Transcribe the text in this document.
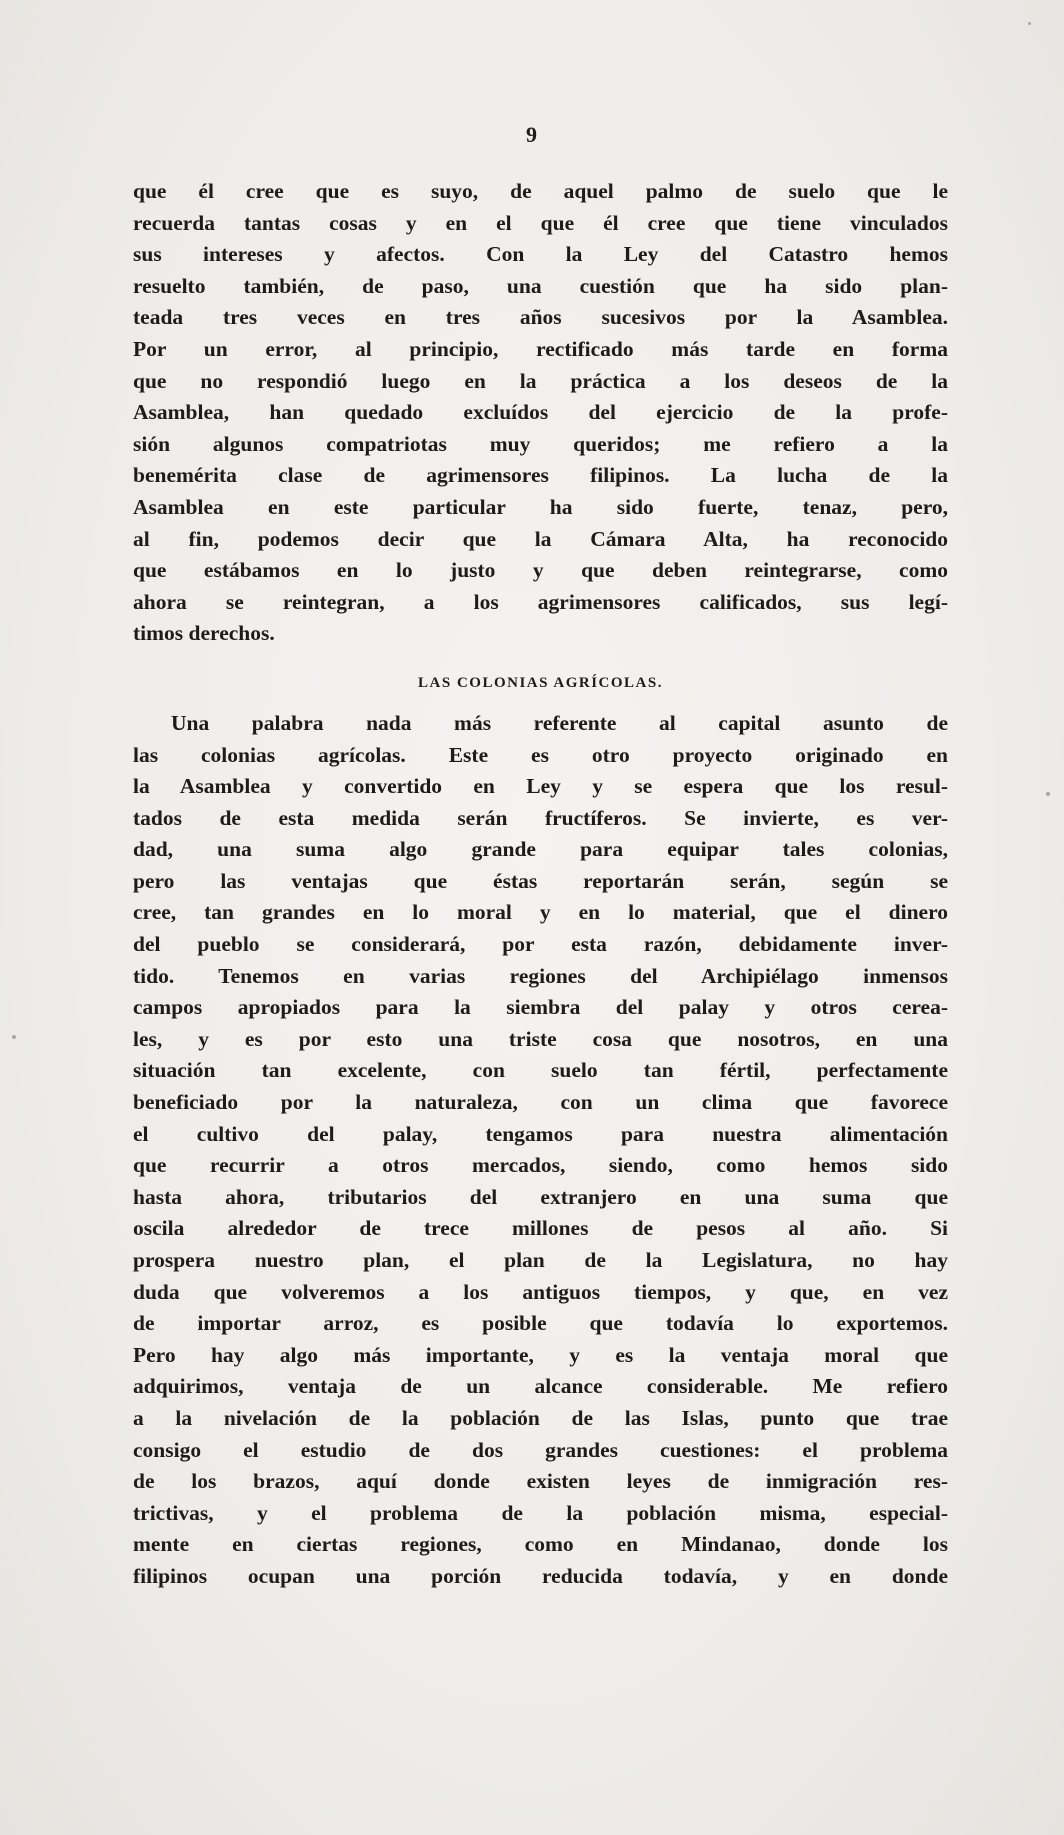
9
que él cree que es suyo, de aquel palmo de suelo que le
recuerda tantas cosas y en el que él cree que tiene vinculados
sus intereses y afectos. Con la Ley del Catastro hemos
resuelto también, de paso, una cuestión que ha sido plan-
teada tres veces en tres años sucesivos por la Asamblea.
Por un error, al principio, rectificado más tarde en forma
que no respondió luego en la práctica a los deseos de la
Asamblea, han quedado excluídos del ejercicio de la profe-
sión algunos compatriotas muy queridos; me refiero a la
benemérita clase de agrimensores filipinos. La lucha de la
Asamblea en este particular ha sido fuerte, tenaz, pero,
al fin, podemos decir que la Cámara Alta, ha reconocido
que estábamos en lo justo y que deben reintegrarse, como
ahora se reintegran, a los agrimensores calificados, sus legí-
timos derechos.
LAS COLONIAS AGRÍCOLAS.
Una palabra nada más referente al capital asunto de
las colonias agrícolas. Este es otro proyecto originado en
la Asamblea y convertido en Ley y se espera que los resul-
tados de esta medida serán fructíferos. Se invierte, es ver-
dad, una suma algo grande para equipar tales colonias,
pero las ventajas que éstas reportarán serán, según se
cree, tan grandes en lo moral y en lo material, que el dinero
del pueblo se considerará, por esta razón, debidamente inver-
tido. Tenemos en varias regiones del Archipiélago inmensos
campos apropiados para la siembra del palay y otros cerea-
les, y es por esto una triste cosa que nosotros, en una
situación tan excelente, con suelo tan fértil, perfectamente
beneficiado por la naturaleza, con un clima que favorece
el cultivo del palay, tengamos para nuestra alimentación
que recurrir a otros mercados, siendo, como hemos sido
hasta ahora, tributarios del extranjero en una suma que
oscila alrededor de trece millones de pesos al año. Si
prospera nuestro plan, el plan de la Legislatura, no hay
duda que volveremos a los antiguos tiempos, y que, en vez
de importar arroz, es posible que todavía lo exportemos.
Pero hay algo más importante, y es la ventaja moral que
adquirimos, ventaja de un alcance considerable. Me refiero
a la nivelación de la población de las Islas, punto que trae
consigo el estudio de dos grandes cuestiones: el problema
de los brazos, aquí donde existen leyes de inmigración res-
trictivas, y el problema de la población misma, especial-
mente en ciertas regiones, como en Mindanao, donde los
filipinos ocupan una porción reducida todavía, y en donde
